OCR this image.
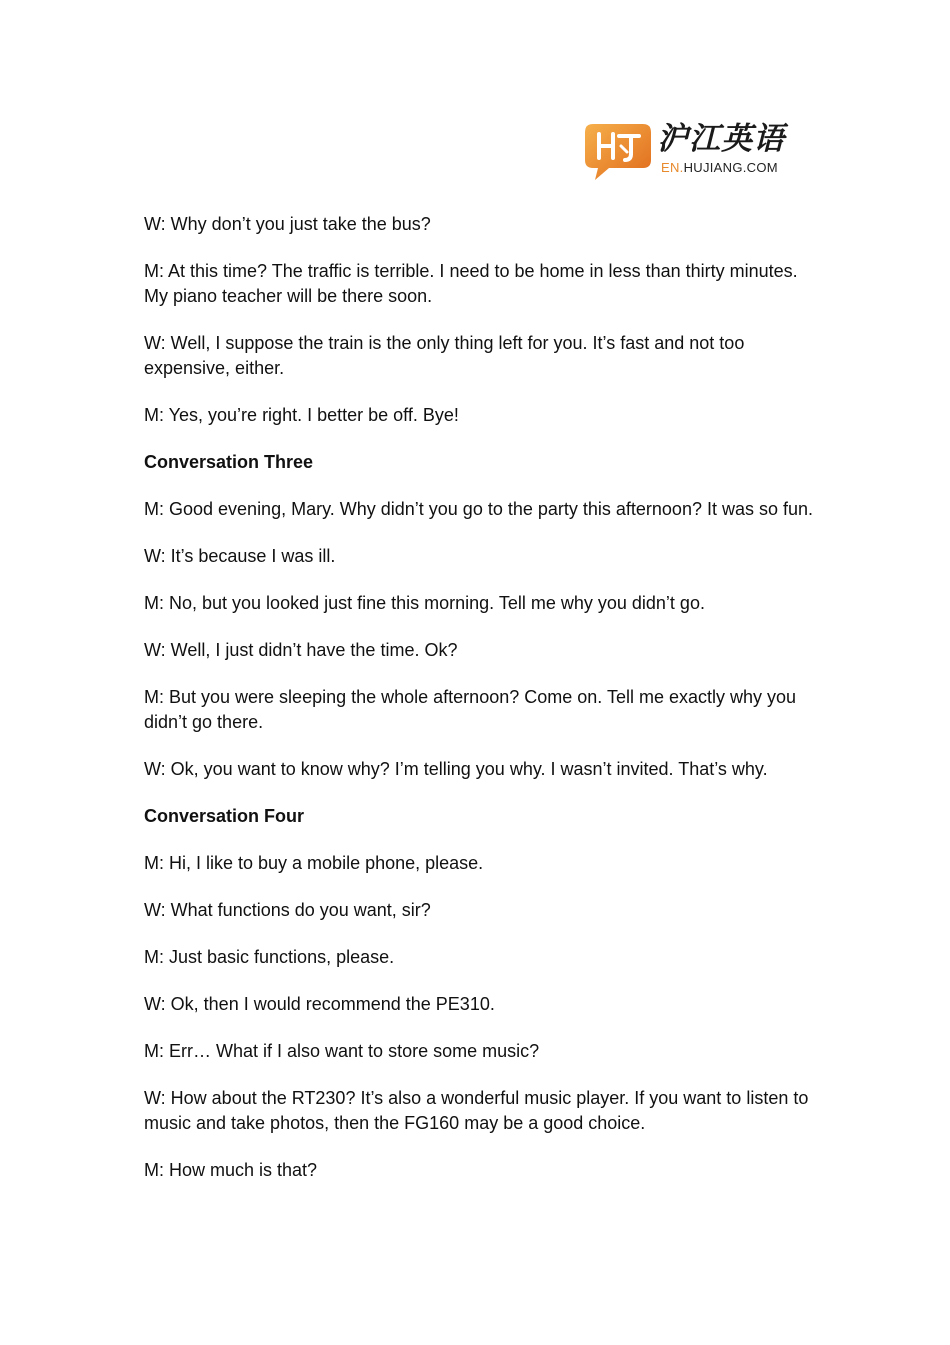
沪江英语
EN.HUJIANG.COM

W: Why don’t you just take the bus?

M: At this time? The traffic is terrible. I need to be home in less than thirty minutes. My piano teacher will be there soon.

W: Well, I suppose the train is the only thing left for you. It’s fast and not too expensive, either.

M: Yes, you’re right. I better be off. Bye!

Conversation Three

M: Good evening, Mary. Why didn’t you go to the party this afternoon? It was so fun.

W: It’s because I was ill.

M: No, but you looked just fine this morning. Tell me why you didn’t go.

W: Well, I just didn’t have the time. Ok?

M: But you were sleeping the whole afternoon? Come on. Tell me exactly why you didn’t go there.

W: Ok, you want to know why? I’m telling you why. I wasn’t invited. That’s why.

Conversation Four

M: Hi, I like to buy a mobile phone, please.

W: What functions do you want, sir?

M: Just basic functions, please.

W: Ok, then I would recommend the PE310.

M: Err… What if I also want to store some music?

W: How about the RT230? It’s also a wonderful music player. If you want to listen to music and take photos, then the FG160 may be a good choice.

M: How much is that?
